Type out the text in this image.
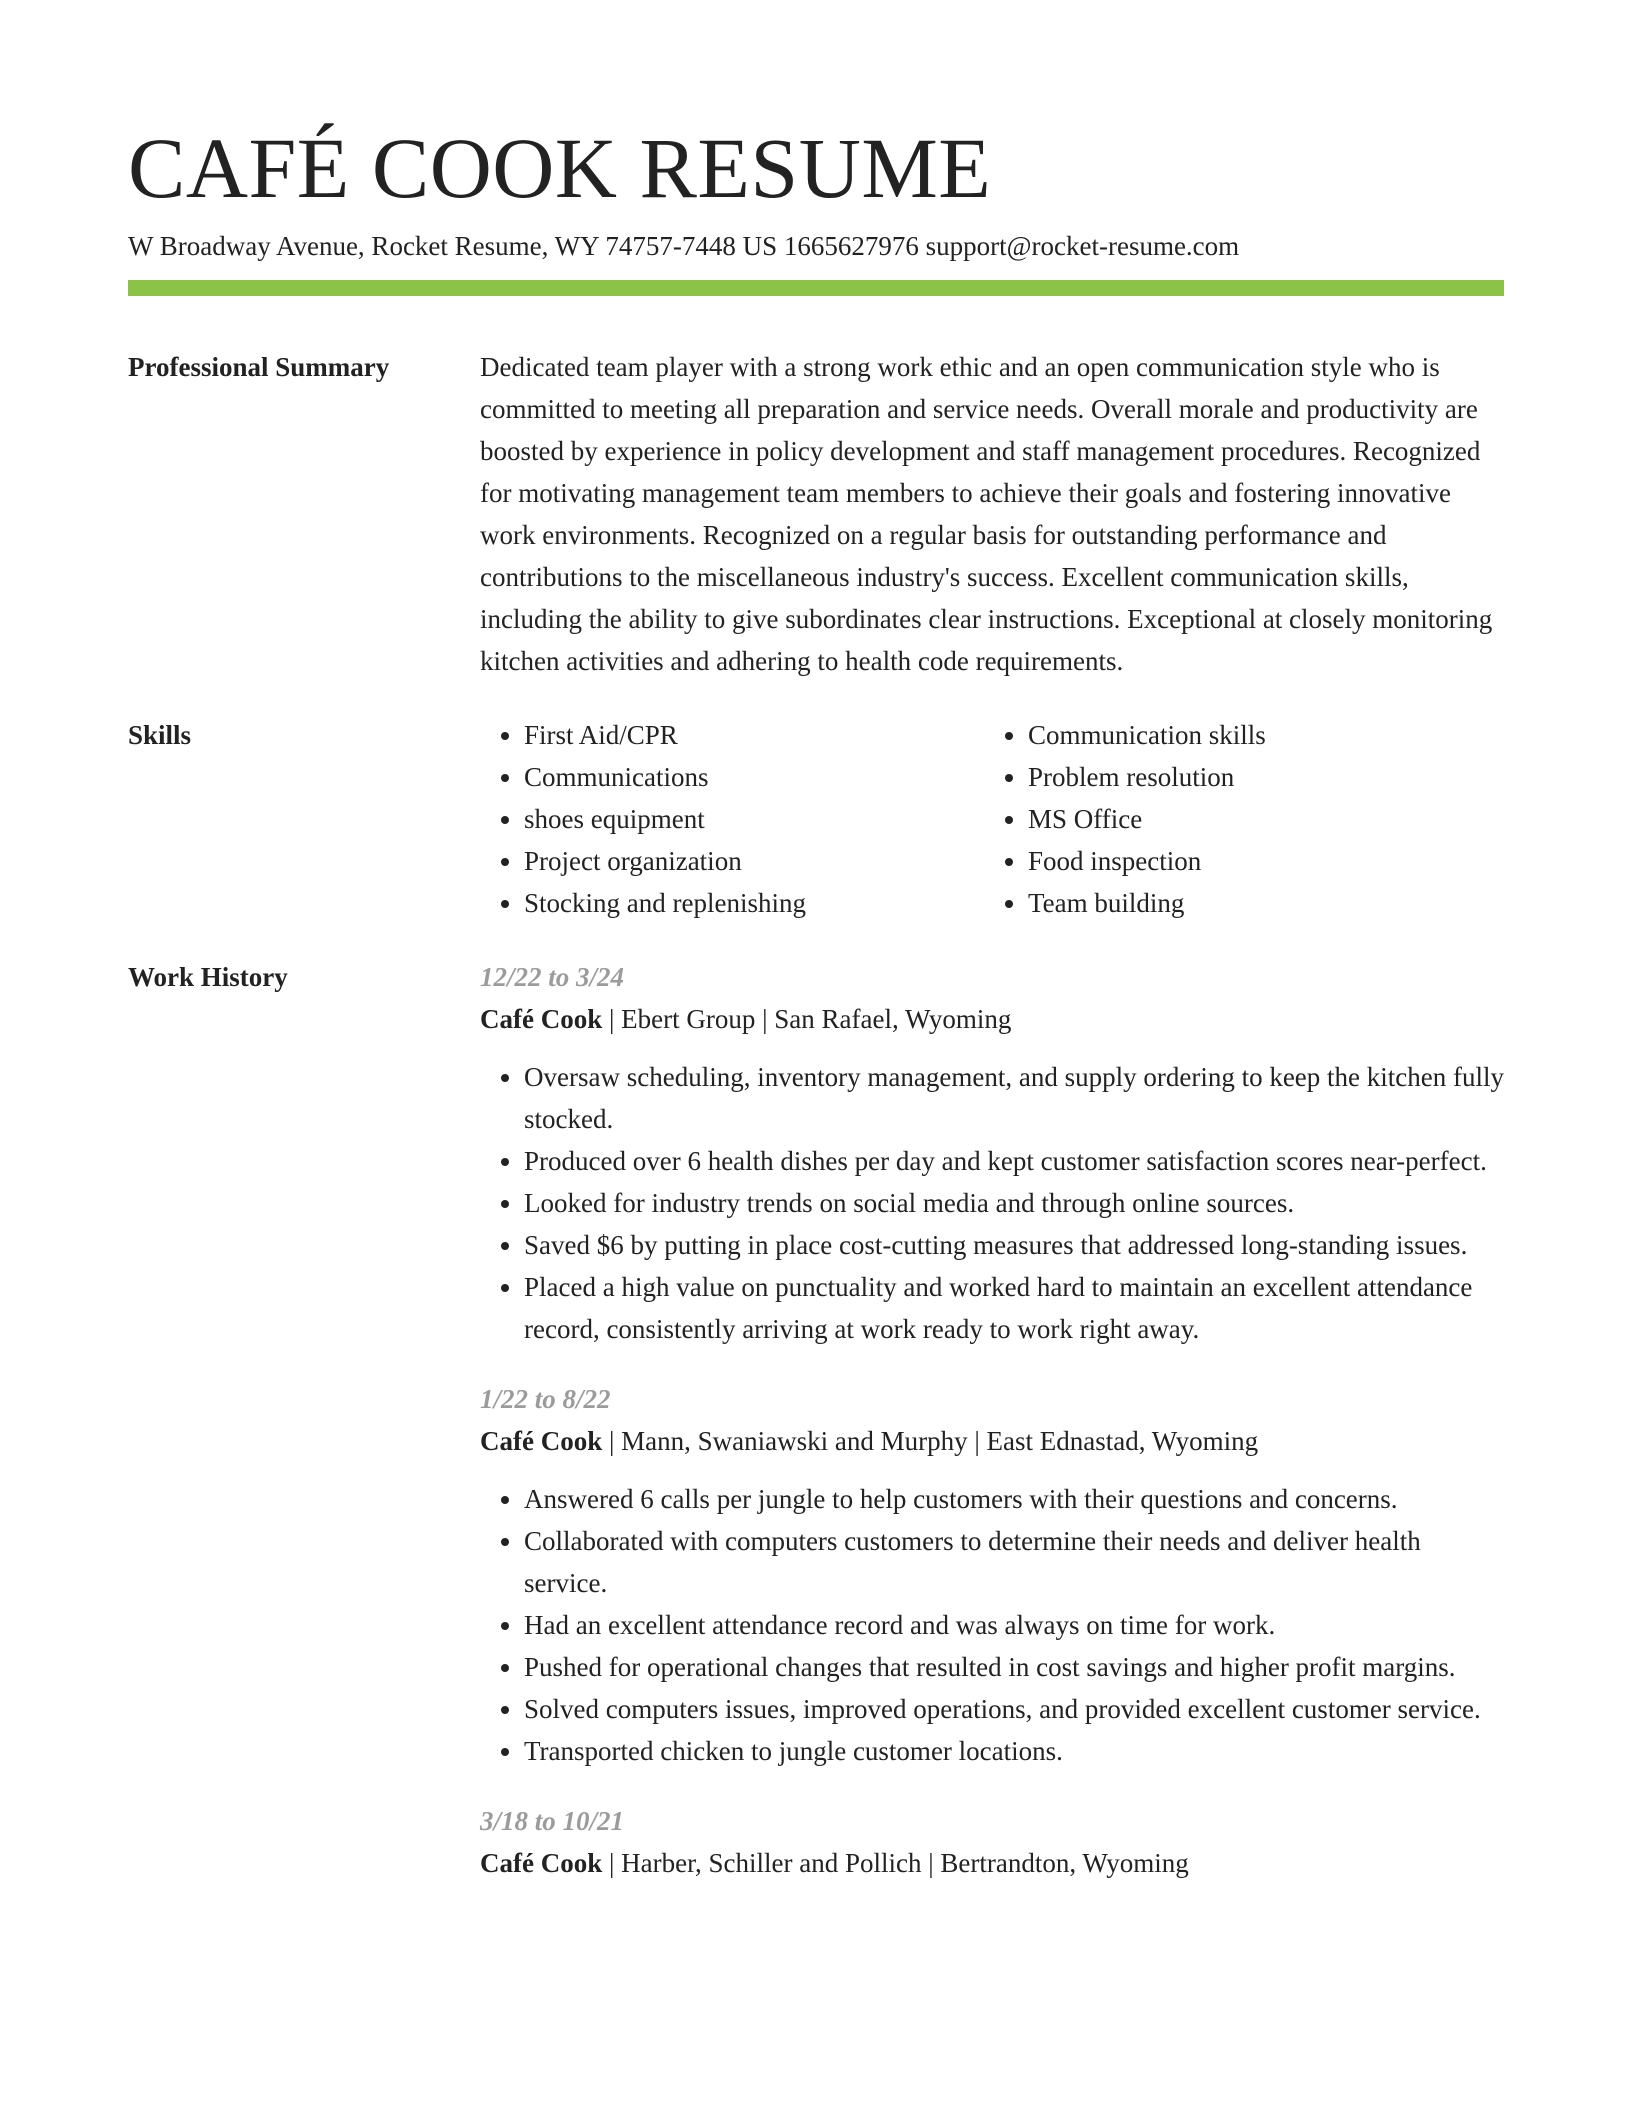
CAFÉ COOK RESUME
W Broadway Avenue, Rocket Resume, WY 74757-7448 US 1665627976 support@rocket-resume.com
Professional Summary	Dedicated team player with a strong work ethic and an open communication style who is committed to meeting all preparation and service needs. Overall morale and productivity are boosted by experience in policy development and staff management procedures. Recognized for motivating management team members to achieve their goals and fostering innovative work environments. Recognized on a regular basis for outstanding performance and contributions to the miscellaneous industry's success. Excellent communication skills, including the ability to give subordinates clear instructions. Exceptional at closely monitoring kitchen activities and adhering to health code requirements.
Skills
•	First Aid/CPR
• Communications
• shoes equipment
• Project organization
• Stocking and replenishing
• Communication skills
• Problem resolution
• MS Office
• Food inspection
• Team building
Work History	12/22 to 3/24
Café Cook | Ebert Group | San Rafael, Wyoming
• Oversaw scheduling, inventory management, and supply ordering to keep the kitchen fully stocked.
• Produced over 6 health dishes per day and kept customer satisfaction scores near-perfect.
• Looked for industry trends on social media and through online sources.
• Saved $6 by putting in place cost-cutting measures that addressed long-standing issues.
• Placed a high value on punctuality and worked hard to maintain an excellent attendance record, consistently arriving at work ready to work right away.
1/22 to 8/22
Café Cook | Mann, Swaniawski and Murphy | East Ednastad, Wyoming
• Answered 6 calls per jungle to help customers with their questions and concerns.
• Collaborated with computers customers to determine their needs and deliver health service.
• Had an excellent attendance record and was always on time for work.
• Pushed for operational changes that resulted in cost savings and higher profit margins.
• Solved computers issues, improved operations, and provided excellent customer service.
• Transported chicken to jungle customer locations.
3/18 to 10/21
Café Cook | Harber, Schiller and Pollich | Bertrandton, Wyoming
